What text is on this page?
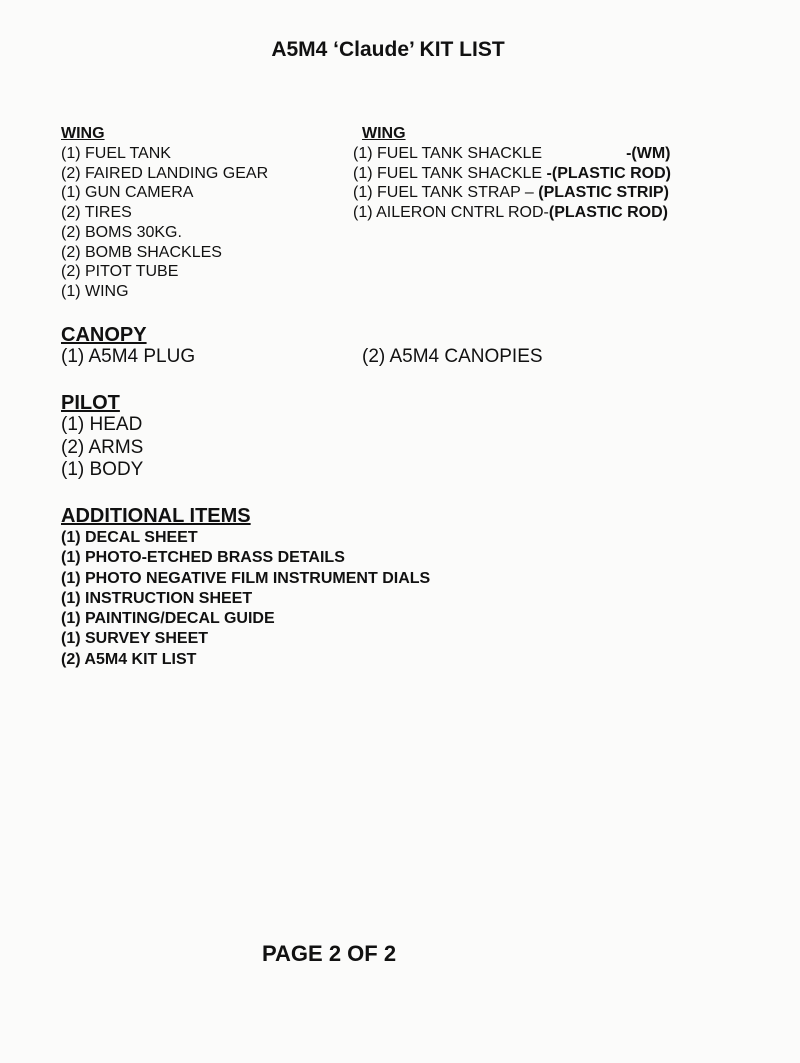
A5M4 ‘Claude’ KIT LIST
WING
(1) FUEL TANK
(2) FAIRED LANDING GEAR
(1) GUN CAMERA
(2) TIRES
(2) BOMS 30KG.
(2) BOMB SHACKLES
(2) PITOT TUBE
(1) WING
WING
(1) FUEL TANK SHACKLE	-(WM)
(1) FUEL TANK SHACKLE -(PLASTIC ROD)
(1) FUEL TANK STRAP – (PLASTIC STRIP)
(1) AILERON CNTRL ROD-(PLASTIC ROD)
CANOPY
(1) A5M4 PLUG	(2) A5M4 CANOPIES
PILOT
(1) HEAD
(2) ARMS
(1) BODY
ADDITIONAL ITEMS
(1) DECAL SHEET
(1) PHOTO-ETCHED BRASS DETAILS
(1) PHOTO NEGATIVE FILM INSTRUMENT DIALS
(1) INSTRUCTION SHEET
(1) PAINTING/DECAL GUIDE
(1) SURVEY SHEET
(2) A5M4 KIT LIST
PAGE 2 OF 2
